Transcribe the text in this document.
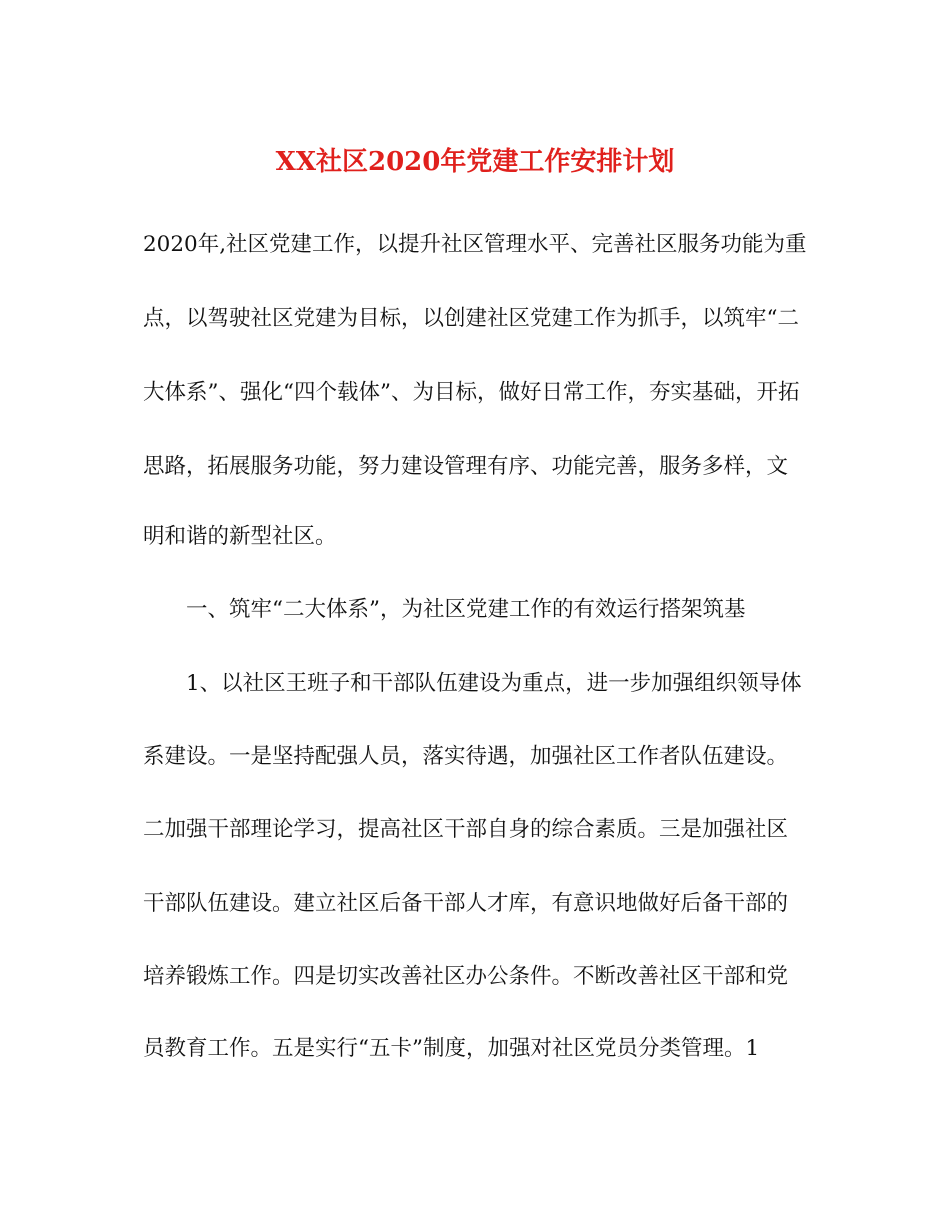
XX社区2020年党建工作安排计划
2020年,社区党建工作，以提升社区管理水平、完善社区服务功能为重
点，以驾驶社区党建为目标，以创建社区党建工作为抓手，以筑牢“二
大体系”、强化“四个载体”、为目标，做好日常工作，夯实基础，开拓
思路，拓展服务功能，努力建设管理有序、功能完善，服务多样，文
明和谐的新型社区。
一、筑牢“二大体系”，为社区党建工作的有效运行搭架筑基
1、以社区王班子和干部队伍建设为重点，进一步加强组织领导体
系建设。一是坚持配强人员，落实待遇，加强社区工作者队伍建设。
二加强干部理论学习，提高社区干部自身的综合素质。三是加强社区
干部队伍建设。建立社区后备干部人才库，有意识地做好后备干部的
培养锻炼工作。四是切实改善社区办公条件。不断改善社区干部和党
员教育工作。五是实行“五卡”制度，加强对社区党员分类管理。1
